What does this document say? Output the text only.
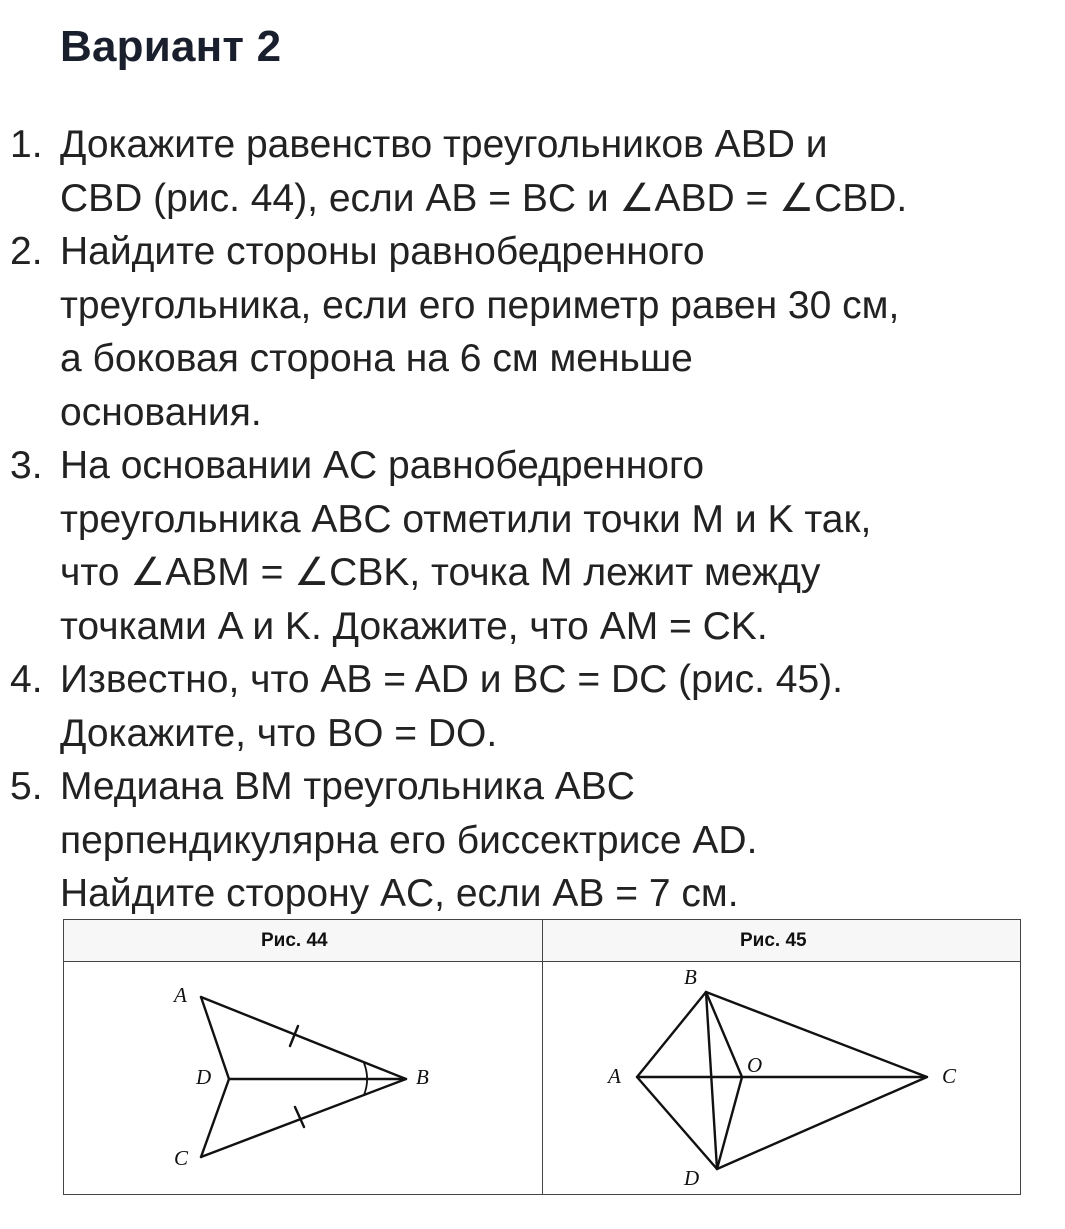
Вариант 2
1. Докажите равенство треугольников ABD и
CBD (рис. 44), если AB = BC и ∠ABD = ∠CBD.
2. Найдите стороны равнобедренного
треугольника, если его периметр равен 30 см,
а боковая сторона на 6 см меньше
основания.
3. На основании AC равнобедренного
треугольника ABC отметили точки M и K так,
что ∠ABM = ∠CBK, точка M лежит между
точками A и K. Докажите, что AM = CK.
4. Известно, что AB = AD и BC = DC (рис. 45).
Докажите, что BO = DO.
5. Медиана BM треугольника ABC
перпендикулярна его биссектрисе AD.
Найдите сторону AC, если AB = 7 см.
Рис. 44	Рис. 45
A
B
C
D
B
A	O	C
D
